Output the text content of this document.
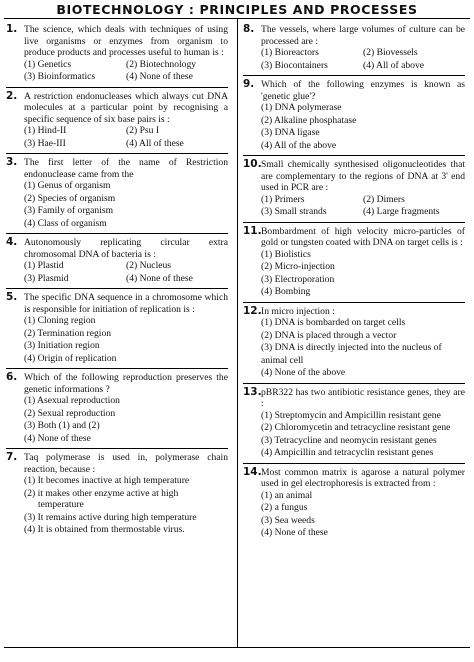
BIOTECHNOLOGY : PRINCIPLES AND PROCESSES
1. The science, which deals with techniques of using live organisms or enzymes from organism to produce products and processes useful to human is :
(1) Genetics	(2) Biotechnology
(3) Bioinformatics	(4) None of these
2. A restriction endonucleases which always cut DNA molecules at a particular point by recognising a specific sequence of six base pairs is :
(1) Hind-II	(2) Psu I
(3) Hae-III	(4) All of these
3. The first letter of the name of Restriction endonuclease came from the
(1) Genus of organism
(2) Species of organism
(3) Family of organism
(4) Class of organism
4. Autonomously replicating circular extra chromosomal DNA of bacteria is :
(1) Plastid	(2) Nucleus
(3) Plasmid	(4) None of these
5. The specific DNA sequence in a chromosome which is responsible for initiation of replication is :
(1) Cloning region
(2) Termination region
(3) Initiation region
(4) Origin of replication
6. Which of the following reproduction preserves the genetic informations ?
(1) Asexual reproduction
(2) Sexual reproduction
(3) Both (1) and (2)
(4) None of these
7. Taq polymerase is used in, polymerase chain reaction, because :
(1) It becomes inactive at high temperature
(2) it makes other enzyme active at high
temperature
(3) It remains active during high temperature
(4) It is obtained from thermostable virus.
8. The vessels, where large volumes of culture can be processed are :
(1) Bioreactors	(2) Biovessels
(3) Biocontainers	(4) All of above
9. Which of the following enzymes is known as 'genetic glue'?
(1) DNA polymerase
(2) Alkaline phosphatase
(3) DNA ligase
(4) All of the above
10. Small chemically synthesised oligonucleotides that are complementary to the regions of DNA at 3' end used in PCR are :
(1) Primers	(2) Dimers
(3) Small strands	(4) Large fragments
11. Bombardment of high velocity micro-particles of gold or tungsten coated with DNA on target cells is :
(1) Biolistics
(2) Micro-injection
(3) Electroporation
(4) Bombing
12. In micro injection :
(1) DNA is bombarded on target cells
(2) DNA is placed through a vector
(3) DNA is directly injected into the nucleus of animal cell
(4) None of the above
13. pBR322 has two antibiotic resistance genes, they are :
(1) Streptomycin and Ampicillin resistant gene
(2) Chloromycetin and tetracycline resistant gene
(3) Tetracycline and neomycin resistant genes
(4) Ampicillin and tetracyclin resistant genes
14. Most common matrix is agarose a natural polymer used in gel electrophoresis is extracted from :
(1) an animal
(2) a fungus
(3) Sea weeds
(4) None of these
